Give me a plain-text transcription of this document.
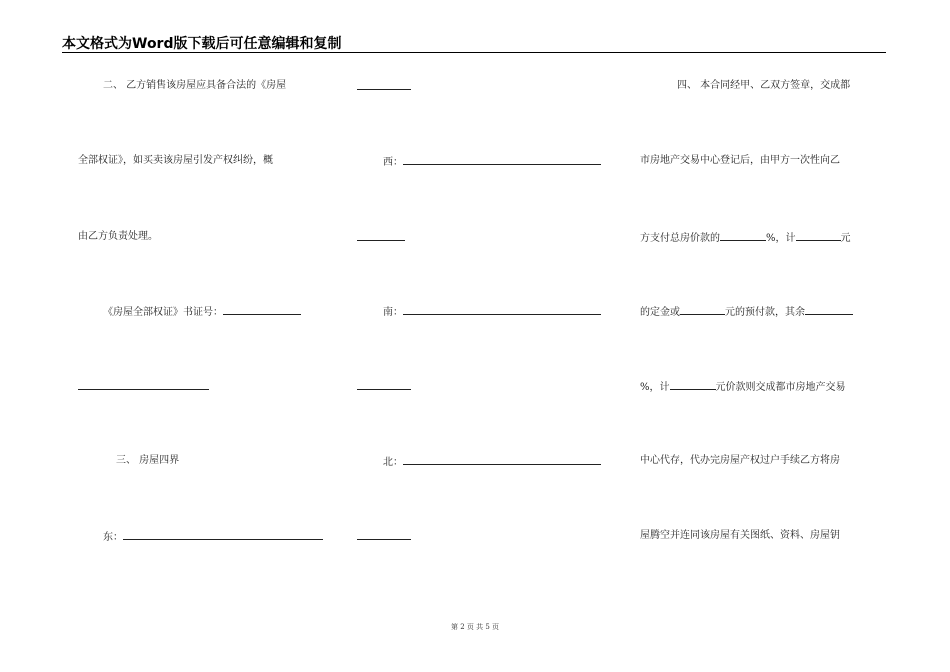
本文格式为Word版下载后可任意编辑和复制
二、 乙方销售该房屋应具备合法的《房屋
全部权证》，如买卖该房屋引发产权纠纷，概
由乙方负责处理。
《房屋全部权证》书证号：
三、 房屋四界
东：
西：
南：
北：
四、 本合同经甲、乙双方签章，交成都
市房地产交易中心登记后，由甲方一次性向乙
方支付总房价款的	%，计	元
的定金或	元的预付款，其余
%，计	元价款则交成都市房地产交易
中心代存，代办完房屋产权过户手续乙方将房
屋腾空并连同该房屋有关图纸、资料、房屋钥
第 2 页 共 5 页
